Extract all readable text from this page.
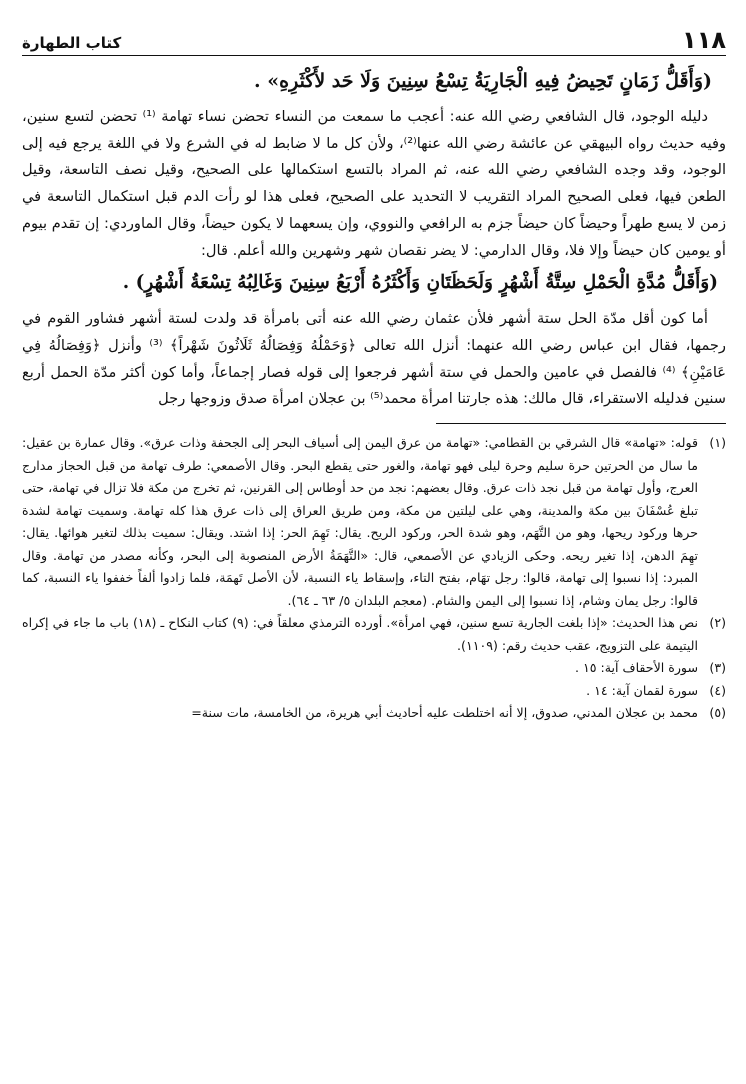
١١٨
كتاب الطهارة
(وَأَقَلُّ زَمَانٍ تَحِيضُ فِيهِ الْجَارِيَةُ تِسْعُ سِنِينَ وَلَا حَد لأَكْثَرِهِ» .

دليله الوجود، قال الشافعي رضي الله عنه: أعجب ما سمعت من النساء تحضن نساء تهامة ⁽¹⁾ تحضن لتسع سنين، وفيه حديث رواه البيهقي عن عائشة رضي الله عنها⁽²⁾، ولأن كل ما لا ضابط له في الشرع ولا في اللغة يرجع فيه إلى الوجود، وقد وجده الشافعي رضي الله عنه، ثم المراد بالتسع استكمالها على الصحيح، وقيل نصف التاسعة، وقيل الطعن فيها، فعلى الصحيح المراد التقريب لا التحديد على الصحيح، فعلى هذا لو رأت الدم قبل استكمال التاسعة في زمن لا يسع طهراً وحيضاً كان حيضاً جزم به الرافعي والنووي، وإن يسعهما لا يكون حيضاً، وقال الماوردي: إن تقدم بيوم أو يومين كان حيضاً وإلا فلا، وقال الدارمي: لا يضر نقصان شهر وشهرين والله أعلم. قال:

(وَأَقَلُّ مُدَّةِ الْحَمْلِ سِتَّةُ أَشْهُرٍ وَلَحَظَتَانِ وَأَكْثَرُهُ أَرْبَعُ سِنِينَ وَغَالِبُهُ تِسْعَةُ أَشْهُرٍ) .

أما كون أقل مدّة الحل ستة أشهر فلأن عثمان رضي الله عنه أتى بامرأة قد ولدت لستة أشهر فشاور القوم في رجمها، فقال ابن عباس رضي الله عنهما: أنزل الله تعالى ﴿وَحَمْلُهُ وَفِصَالُهُ ثَلَاثُونَ شَهْراً﴾ ⁽³⁾ وأنزل ﴿وَفِصَالُهُ فِي عَامَيْنِ﴾ ⁽⁴⁾ فالفصل في عامين والحمل في ستة أشهر فرجعوا إلى قوله فصار إجماعاً، وأما كون أكثر مدّة الحمل أربع سنين فدليله الاستقراء، قال مالك: هذه جارتنا امرأة محمد⁽⁵⁾ بن عجلان امرأة صدق وزوجها رجل

(١)قوله: «تهامة» قال الشرقي بن القطامي: «تهامة من عرق اليمن إلى أسياف البحر إلى الجحفة وذات عرق». وقال عمارة بن عقيل: ما سال من الحرتين حرة سليم وحرة ليلى فهو تهامة، والغور حتى يقطع البحر. وقال الأصمعي: طرف تهامة من قبل الحجاز مدارج العرج، وأول تهامة من قبل نجد ذات عرق. وقال بعضهم: نجد من حد أوطاس إلى القرنين، ثم تخرج من مكة فلا تزال في تهامة، حتى تبلغ عُسْفَانَ بين مكة والمدينة، وهي على ليلتين من مكة، ومن طريق العراق إلى ذات عرق هذا كله تهامة. وسميت تهامة لشدة حرها وركود ريحها، وهو من التَّهَم، وهو شدة الحر، وركود الريح. يقال: تَهِمَ الحر: إذا اشتد. ويقال: سميت بذلك لتغير هوائها. يقال: تهِمَ الدهن، إذا تغير ريحه. وحكى الزيادي عن الأصمعي، قال: «التَّهَمَةُ الأرض المنصوبة إلى البحر، وكأنه مصدر من تهامة. وقال المبرد: إذا نسبوا إلى تهامة، قالوا: رجل تهَام، بفتح التاء، وإسقاط ياء النسبة، لأن الأصل تَهمَة، فلما زادوا ألفاً خففوا ياء النسبة، كما قالوا: رجل يمان وشام، إذا نسبوا إلى اليمن والشام. (معجم البلدان ٥/ ٦٣ ـ ٦٤).
(٢)نص هذا الحديث: «إذا بلغت الجارية تسع سنين، فهي امرأة». أورده الترمذي معلقاً في: (٩) كتاب النكاح ـ (١٨) باب ما جاء في إكراه اليتيمة على التزويج، عقب حديث رقم: (١١٠٩).
(٣)سورة الأحقاف آية: ١٥ .
(٤)سورة لقمان آية: ١٤ .
(٥)محمد بن عجلان المدني، صدوق، إلا أنه اختلطت عليه أحاديث أبي هريرة، من الخامسة، مات سنة=
